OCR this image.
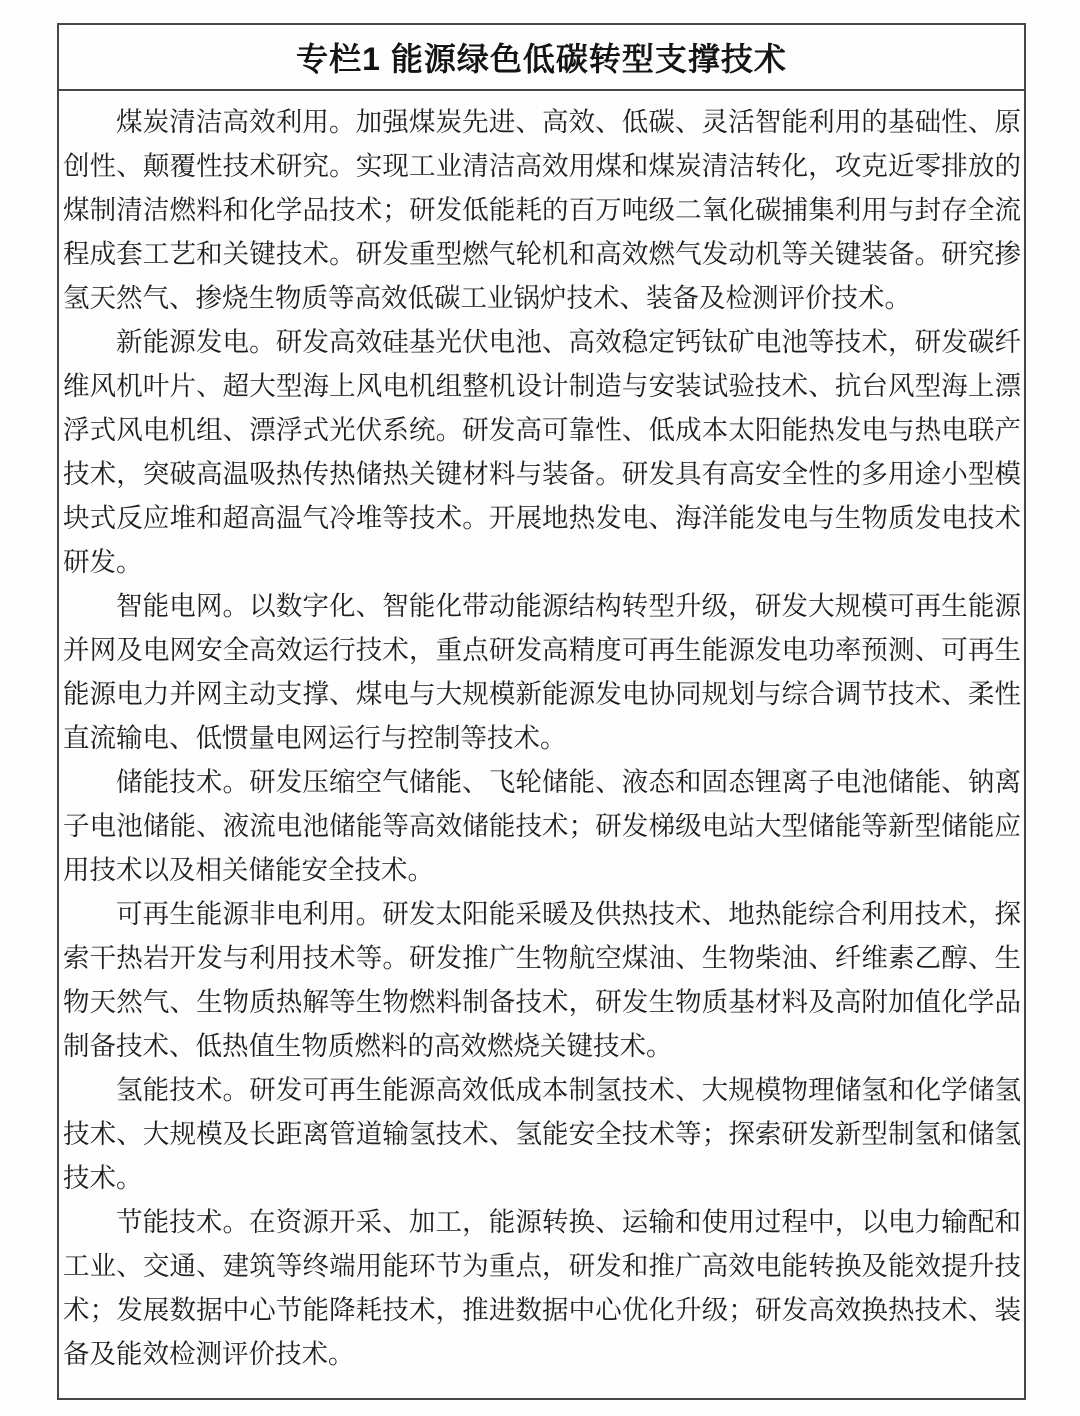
专栏1 能源绿色低碳转型支撑技术

煤炭清洁高效利用。加强煤炭先进、高效、低碳、灵活智能利用的基础性、原创性、颠覆性技术研究。实现工业清洁高效用煤和煤炭清洁转化，攻克近零排放的煤制清洁燃料和化学品技术；研发低能耗的百万吨级二氧化碳捕集利用与封存全流程成套工艺和关键技术。研发重型燃气轮机和高效燃气发动机等关键装备。研究掺氢天然气、掺烧生物质等高效低碳工业锅炉技术、装备及检测评价技术。

新能源发电。研发高效硅基光伏电池、高效稳定钙钛矿电池等技术，研发碳纤维风机叶片、超大型海上风电机组整机设计制造与安装试验技术、抗台风型海上漂浮式风电机组、漂浮式光伏系统。研发高可靠性、低成本太阳能热发电与热电联产技术，突破高温吸热传热储热关键材料与装备。研发具有高安全性的多用途小型模块式反应堆和超高温气冷堆等技术。开展地热发电、海洋能发电与生物质发电技术研发。

智能电网。以数字化、智能化带动能源结构转型升级，研发大规模可再生能源并网及电网安全高效运行技术，重点研发高精度可再生能源发电功率预测、可再生能源电力并网主动支撑、煤电与大规模新能源发电协同规划与综合调节技术、柔性直流输电、低惯量电网运行与控制等技术。

储能技术。研发压缩空气储能、飞轮储能、液态和固态锂离子电池储能、钠离子电池储能、液流电池储能等高效储能技术；研发梯级电站大型储能等新型储能应用技术以及相关储能安全技术。

可再生能源非电利用。研发太阳能采暖及供热技术、地热能综合利用技术，探索干热岩开发与利用技术等。研发推广生物航空煤油、生物柴油、纤维素乙醇、生物天然气、生物质热解等生物燃料制备技术，研发生物质基材料及高附加值化学品制备技术、低热值生物质燃料的高效燃烧关键技术。

氢能技术。研发可再生能源高效低成本制氢技术、大规模物理储氢和化学储氢技术、大规模及长距离管道输氢技术、氢能安全技术等；探索研发新型制氢和储氢技术。

节能技术。在资源开采、加工，能源转换、运输和使用过程中，以电力输配和工业、交通、建筑等终端用能环节为重点，研发和推广高效电能转换及能效提升技术；发展数据中心节能降耗技术，推进数据中心优化升级；研发高效换热技术、装备及能效检测评价技术。
